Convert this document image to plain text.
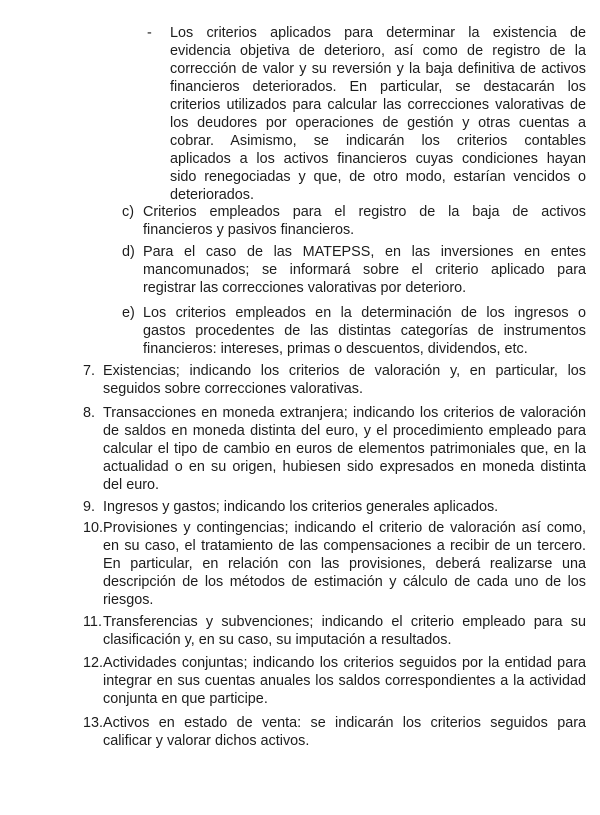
-	Los criterios aplicados para determinar la existencia de
evidencia objetiva de deterioro, así como de registro de la
corrección de valor y su reversión y la baja definitiva de activos
financieros deteriorados. En particular, se destacarán los
criterios utilizados para calcular las correcciones valorativas de
los deudores por operaciones de gestión y otras cuentas a
cobrar. Asimismo, se indicarán los criterios contables
aplicados a los activos financieros cuyas condiciones hayan
sido renegociadas y que, de otro modo, estarían vencidos o
deteriorados.
c) Criterios empleados para el registro de la baja de activos
financieros y pasivos financieros.
d) Para el caso de las MATEPSS, en las inversiones en entes
mancomunados; se informará sobre el criterio aplicado para
registrar las correcciones valorativas por deterioro.
e) Los criterios empleados en la determinación de los ingresos o
gastos procedentes de las distintas categorías de instrumentos
financieros: intereses, primas o descuentos, dividendos, etc.
7. Existencias; indicando los criterios de valoración y, en particular, los
seguidos sobre correcciones valorativas.
8. Transacciones en moneda extranjera; indicando los criterios de valoración
de saldos en moneda distinta del euro, y el procedimiento empleado para
calcular el tipo de cambio en euros de elementos patrimoniales que, en la
actualidad o en su origen, hubiesen sido expresados en moneda distinta
del euro.
9. Ingresos y gastos; indicando los criterios generales aplicados.
10. Provisiones y contingencias; indicando el criterio de valoración así como,
en su caso, el tratamiento de las compensaciones a recibir de un tercero.
En particular, en relación con las provisiones, deberá realizarse una
descripción de los métodos de estimación y cálculo de cada uno de los
riesgos.
11. Transferencias y subvenciones; indicando el criterio empleado para su
clasificación y, en su caso, su imputación a resultados.
12. Actividades conjuntas; indicando los criterios seguidos por la entidad para
integrar en sus cuentas anuales los saldos correspondientes a la actividad
conjunta en que participe.
13. Activos en estado de venta: se indicarán los criterios seguidos para
calificar y valorar dichos activos.
